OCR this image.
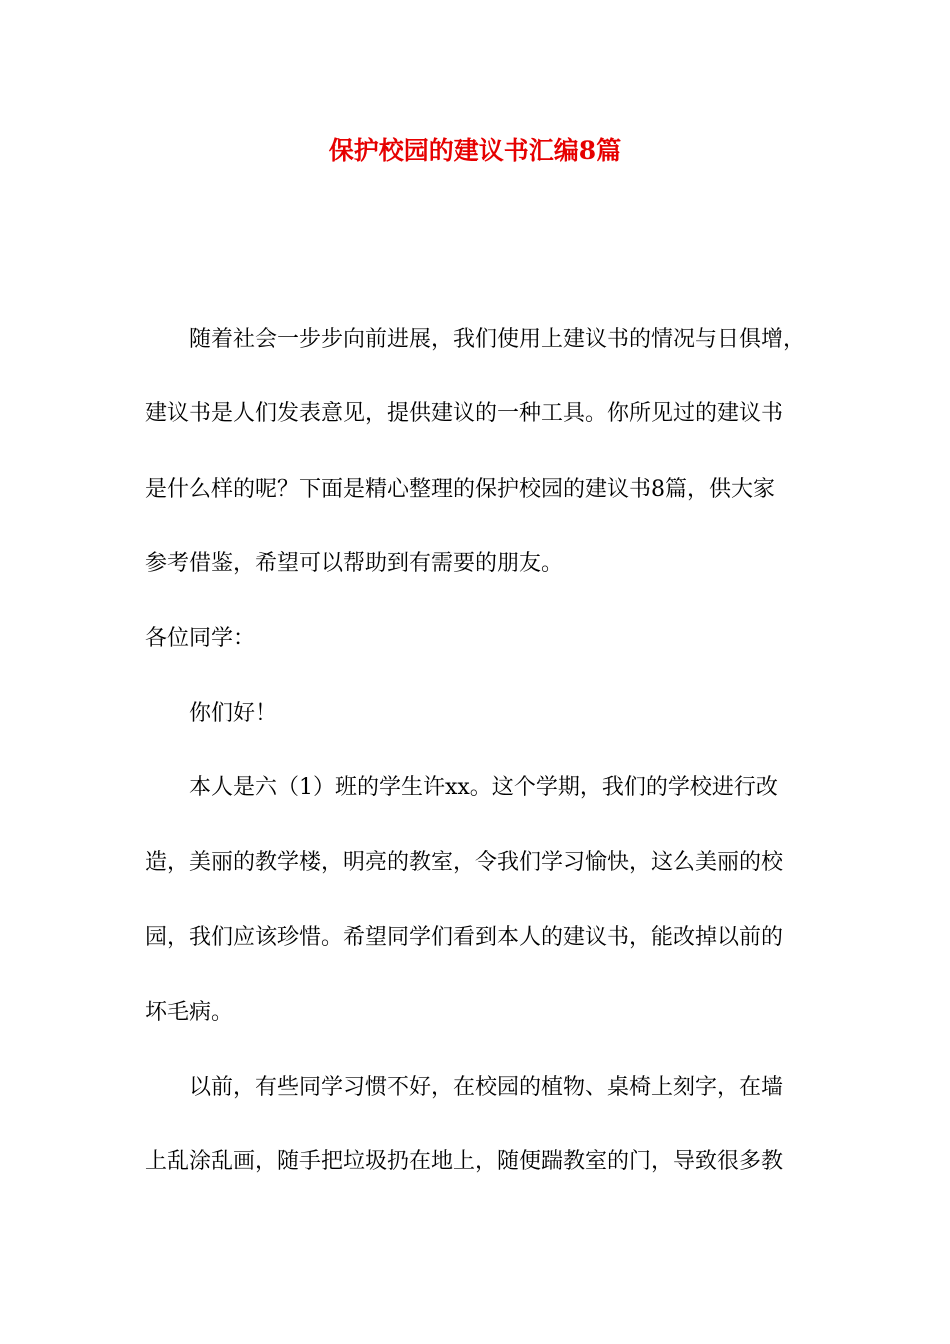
保护校园的建议书汇编8篇
随着社会一步步向前进展，我们使用上建议书的情况与日俱增，
建议书是人们发表意见，提供建议的一种工具。你所见过的建议书
是什么样的呢？下面是精心整理的保护校园的建议书8篇，供大家
参考借鉴，希望可以帮助到有需要的朋友。
各位同学：
你们好！
本人是六（1）班的学生许xx。这个学期，我们的学校进行改
造，美丽的教学楼，明亮的教室，令我们学习愉快，这么美丽的校
园，我们应该珍惜。希望同学们看到本人的建议书，能改掉以前的
坏毛病。
以前，有些同学习惯不好，在校园的植物、桌椅上刻字，在墙
上乱涂乱画，随手把垃圾扔在地上，随便踹教室的门，导致很多教
